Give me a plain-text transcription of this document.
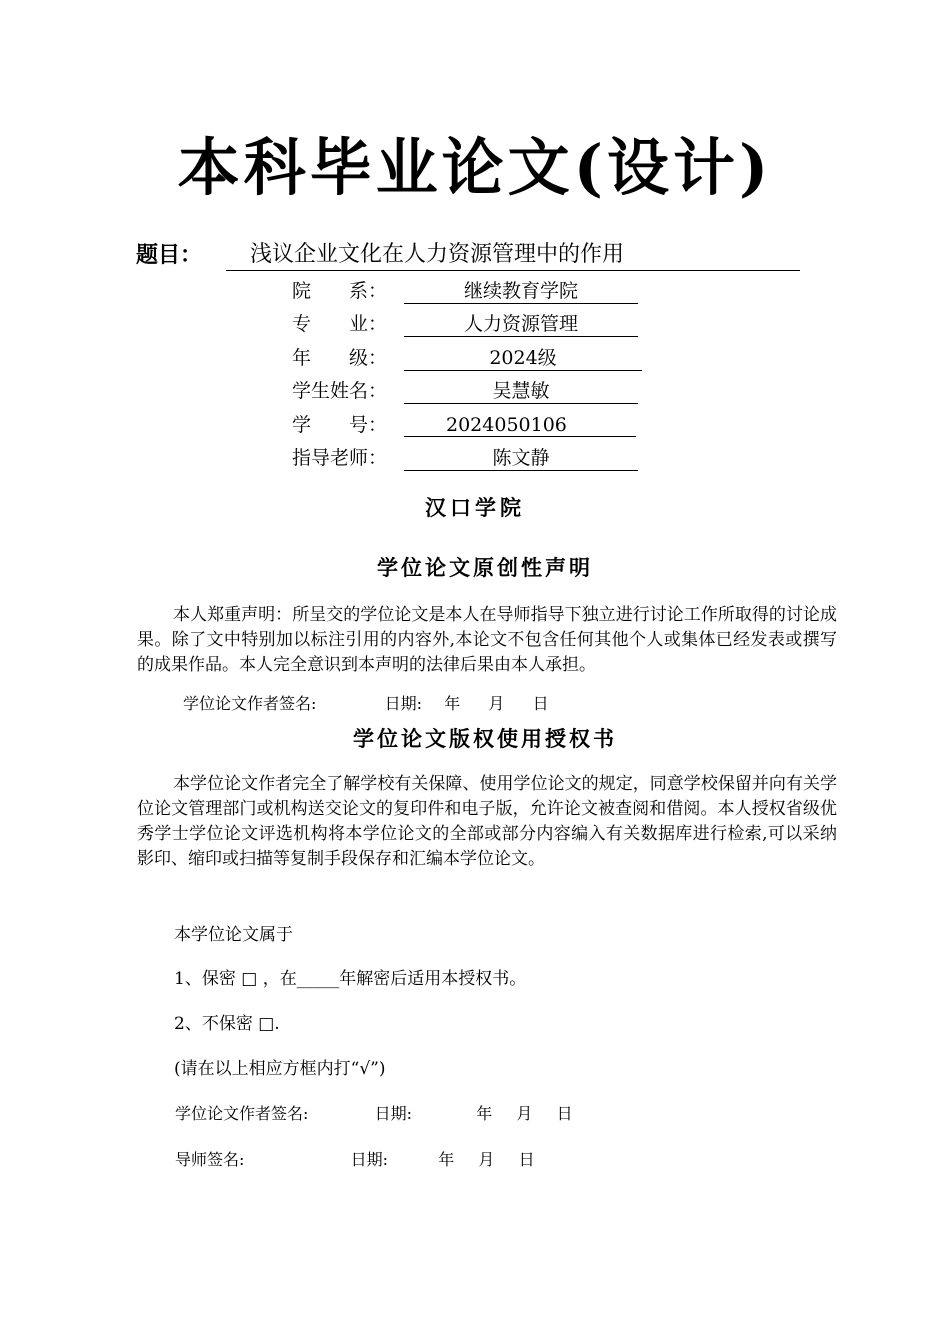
本科毕业论文(设计)
题目：	浅议企业文化在人力资源管理中的作用
院　　系：	继续教育学院
专　　业：	人力资源管理
年　　级：	2024级
学生姓名：	吴慧敏
学　　号：	2024050106
指导老师：	陈文静
汉口学院
学位论文原创性声明
本人郑重声明：所呈交的学位论文是本人在导师指导下独立进行讨论工作所取得的讨论成果。除了文中特别加以标注引用的内容外,本论文不包含任何其他个人或集体已经发表或撰写的成果作品。本人完全意识到本声明的法律后果由本人承担。
学位论文作者签名:	日期: 年 月 日
学位论文版权使用授权书
本学位论文作者完全了解学校有关保障、使用学位论文的规定，同意学校保留并向有关学位论文管理部门或机构送交论文的复印件和电子版，允许论文被查阅和借阅。本人授权省级优秀学士学位论文评选机构将本学位论文的全部或部分内容编入有关数据库进行检索,可以采纳影印、缩印或扫描等复制手段保存和汇编本学位论文。
本学位论文属于
1、保密 □ ，在_____年解密后适用本授权书。
2、不保密 □.
(请在以上相应方框内打“√”)
学位论文作者签名:	日期:	年 月 日
导师签名:	日期:	年 月 日
